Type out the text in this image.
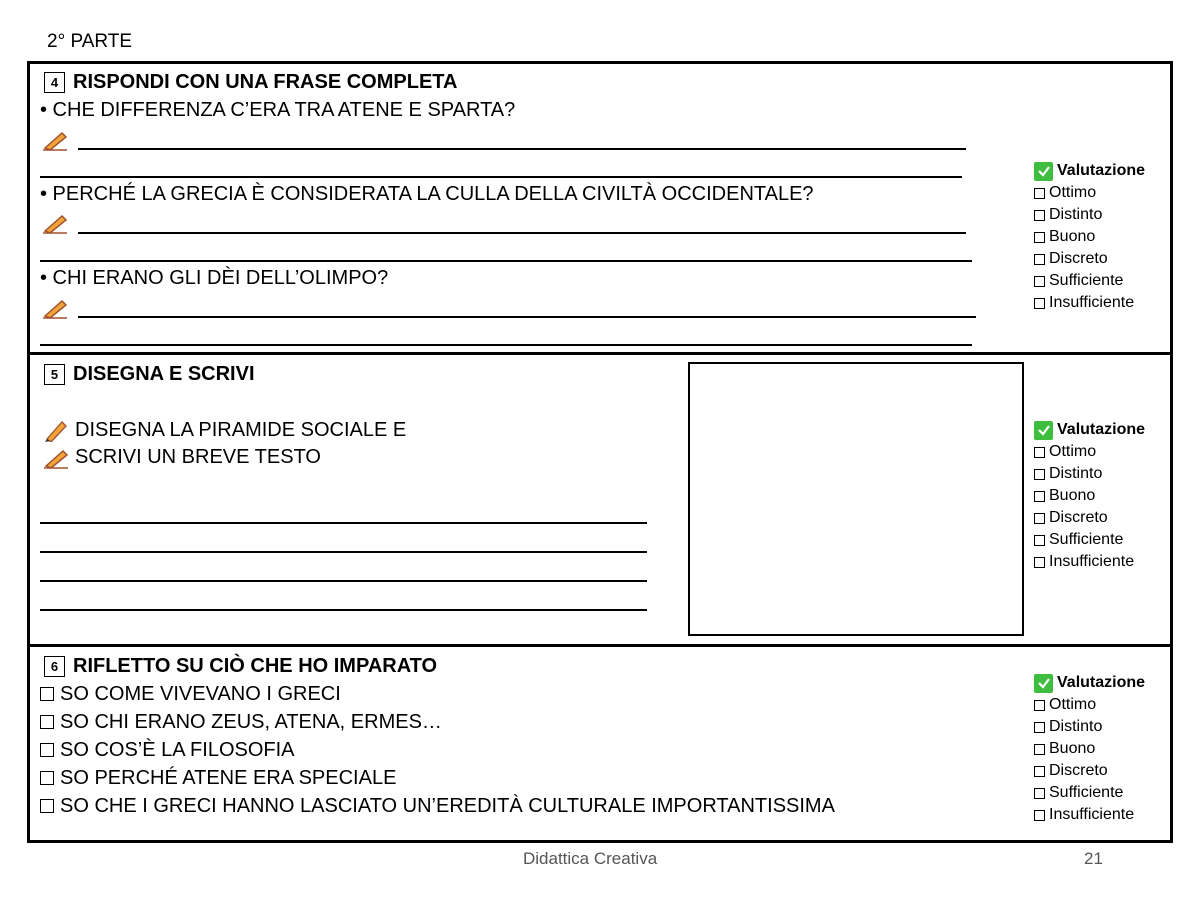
2° PARTE
4 RISPONDI CON UNA FRASE COMPLETA
• CHE DIFFERENZA C’ERA TRA ATENE E SPARTA?
• PERCHÉ LA GRECIA È CONSIDERATA LA CULLA DELLA CIVILTÀ OCCIDENTALE?
• CHI ERANO GLI DÈI DELL’OLIMPO?
Valutazione
Ottimo
Distinto
Buono
Discreto
Sufficiente
Insufficiente
5 DISEGNA E SCRIVI
DISEGNA LA PIRAMIDE SOCIALE E
SCRIVI UN BREVE TESTO
Valutazione
Ottimo
Distinto
Buono
Discreto
Sufficiente
Insufficiente
6 RIFLETTO SU CIÒ CHE HO IMPARATO
SO COME VIVEVANO I GRECI
SO CHI ERANO ZEUS, ATENA, ERMES…
SO COS’È LA FILOSOFIA
SO PERCHÉ ATENE ERA SPECIALE
SO CHE I GRECI HANNO LASCIATO UN’EREDITÀ CULTURALE IMPORTANTISSIMA
Valutazione
Ottimo
Distinto
Buono
Discreto
Sufficiente
Insufficiente
Didattica Creativa	21
